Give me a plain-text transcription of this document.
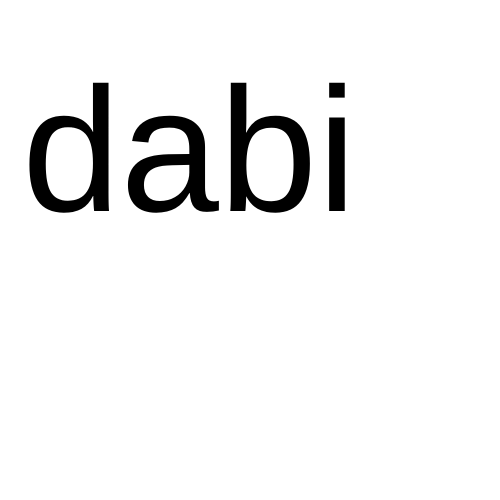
dabi
